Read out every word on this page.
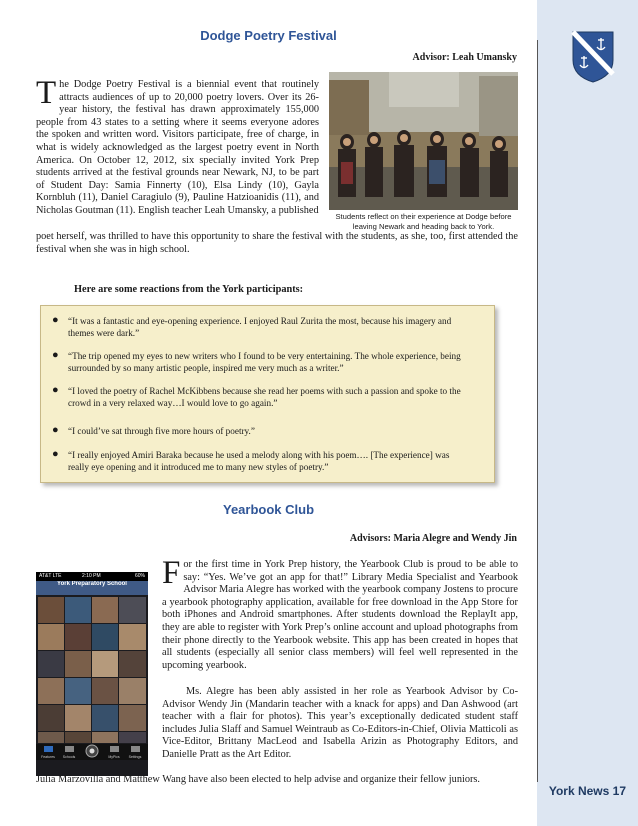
York News 17
Dodge Poetry Festival
Advisor: Leah Umansky

The Dodge Poetry Festival is a biennial event that routinely attracts audiences of up to 20,000 poetry lovers. Over its 26-year history, the festival has drawn approximately 155,000 people from 43 states to a setting where it seems everyone adores the spoken and written word. Visitors participate, free of charge, in what is widely acknowledged as the largest poetry event in North America. On October 12, 2012, six specially invited York Prep students arrived at the festival grounds near Newark, NJ, to be part of Student Day: Samia Finnerty (10), Elsa Lindy (10), Gayla Kornbluh (11), Daniel Caragiulo (9), Pauline Hatzioanidis (11), and Nicholas Goutman (11). English teacher Leah Umansky, a published

poet herself, was thrilled to have this opportunity to share the festival with the students, as she, too, first attended the festival when she was in high school.

Students reflect on their experience at Dodge before leaving Newark and heading back to York.
Here are some reactions from the York participants:
● “It was a fantastic and eye-opening experience. I enjoyed Raul Zurita the most, because his imagery and themes were dark.”
● “The trip opened my eyes to new writers who I found to be very entertaining. The whole experience, being surrounded by so many artistic people, inspired me very much as a writer.”
● “I loved the poetry of Rachel McKibbens because she read her poems with such a passion and spoke to the crowd in a very relaxed way…I would love to go again.”
● “I could’ve sat through five more hours of poetry.”
● “I really enjoyed Amiri Baraka because he used a melody along with his poem…. [The experience] was really eye opening and it introduced me to many new styles of poetry.”
Yearbook Club
Advisors: Maria Alegre and Wendy Jin
AT&T LTE	2:10 PM	60%
York Preparatory School
Features Schools	MyPics	Settings
For the first time in York Prep history, the Yearbook Club is proud to be able to say: “Yes. We’ve got an app for that!” Library Media Specialist and Yearbook Advisor Maria Alegre has worked with the yearbook company Jostens to procure a yearbook photography application, available for free download in the App Store for both iPhones and Android smartphones. After students download the ReplayIt app, they are able to register with York Prep’s online account and upload photographs from their phone directly to the Yearbook website. This app has been created in hopes that all students (especially all senior class members) will feel well represented in the upcoming yearbook.
Ms. Alegre has been ably assisted in her role as Yearbook Advisor by Co-Advisor Wendy Jin (Mandarin teacher with a knack for apps) and Dan Ashwood (art teacher with a flair for photos). This year’s exceptionally dedicated student staff includes Julia Slaff and Samuel Weintraub as Co-Editors-in-Chief, Olivia Matticoli as Vice-Editor, Brittany MacLeod and Isabella Arizin as Photography Editors, and Danielle Pratt as the Art Editor.
Julia Marzovilla and Matthew Wang have also been elected to help advise and organize their fellow juniors.
